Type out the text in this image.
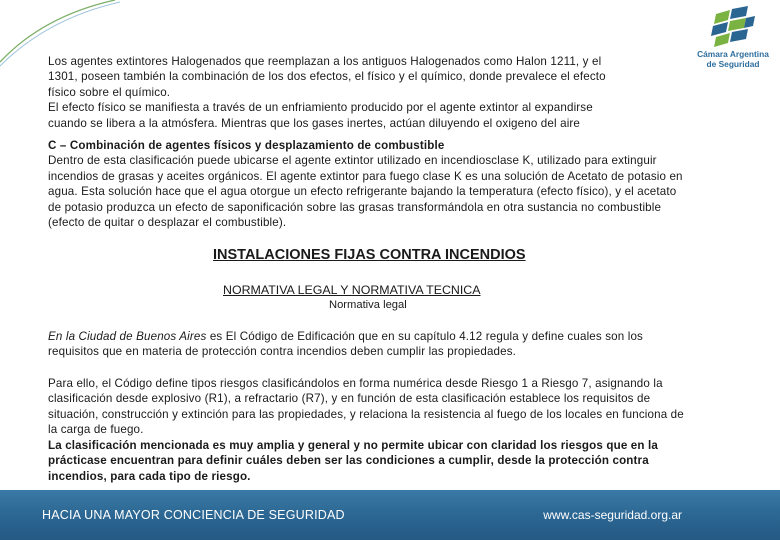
Cámara Argentina
de Seguridad

Los agentes extintores Halogenados que reemplazan a los antiguos Halogenados como Halon 1211, y el
1301, poseen también la combinación de los dos efectos, el físico y el químico, donde prevalece el efecto
físico sobre el químico.
El efecto físico se manifiesta a través de un enfriamiento producido por el agente extintor al expandirse
cuando se libera a la atmósfera. Mientras que los gases inertes, actúan diluyendo el oxigeno del aire

C – Combinación de agentes físicos y desplazamiento de combustible

Dentro de esta clasificación puede ubicarse el agente extintor utilizado en incendiosclase K, utilizado para extinguir
incendios de grasas y aceites orgánicos. El agente extintor para fuego clase K es una solución de Acetato de potasio en
agua. Esta solución hace que el agua otorgue un efecto refrigerante bajando la temperatura (efecto físico), y el acetato
de potasio produzca un efecto de saponificación sobre las grasas transformándola en otra sustancia no combustible
(efecto de quitar o desplazar el combustible).

INSTALACIONES FIJAS CONTRA INCENDIOS
NORMATIVA LEGAL Y NORMATIVA TECNICA
Normativa legal

En la Ciudad de Buenos Aires es El Código de Edificación que en su capítulo 4.12 regula y define cuales son los
requisitos que en materia de protección contra incendios deben cumplir las propiedades.

Para ello, el Código define tipos riesgos clasificándolos en forma numérica desde Riesgo 1 a Riesgo 7, asignando la
clasificación desde explosivo (R1), a refractario (R7), y en función de esta clasificación establece los requisitos de
situación, construcción y extinción para las propiedades, y relaciona la resistencia al fuego de los locales en funciona de
la carga de fuego.

La clasificación mencionada es muy amplia y general y no permite ubicar con claridad los riesgos que en la
prácticase encuentran para definir cuáles deben ser las condiciones a cumplir, desde la protección contra
incendios, para cada tipo de riesgo.

HACIA UNA MAYOR CONCIENCIA DE SEGURIDAD	www.cas-seguridad.org.ar
